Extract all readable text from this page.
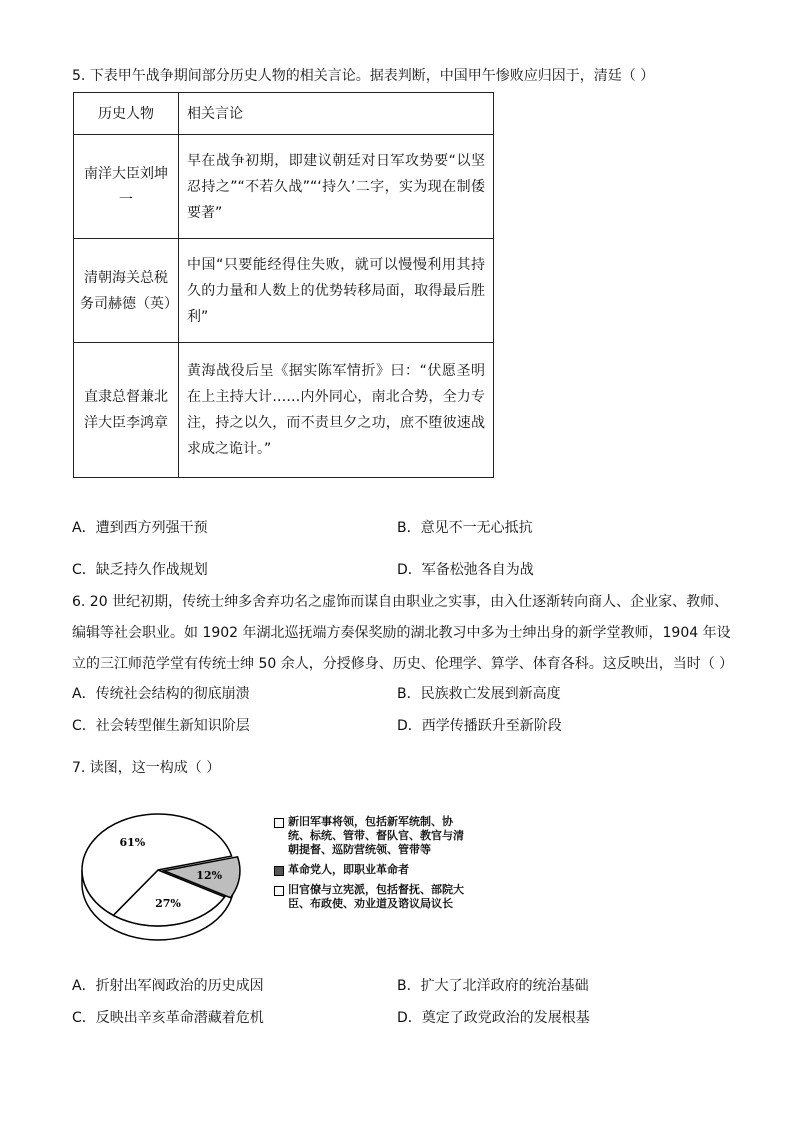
5. 下表甲午战争期间部分历史人物的相关言论。据表判断，中国甲午惨败应归因于，清廷（ ）
历史人物	相关言论
南洋大臣刘坤一	早在战争初期，即建议朝廷对日军攻势要“以坚忍持之”“不若久战”“‘持久’二字，实为现在制倭要著”
清朝海关总税务司赫德（英）	中国“只要能经得住失败，就可以慢慢利用其持久的力量和人数上的优势转移局面，取得最后胜利”
直隶总督兼北洋大臣李鸿章	黄海战役后呈《据实陈军情折》曰：“伏愿圣明在上主持大计……内外同心，南北合势，全力专注，持之以久，而不责旦夕之功，庶不堕彼速战求成之诡计。”
A．遭到西方列强干预	B．意见不一无心抵抗
C．缺乏持久作战规划	D．军备松弛各自为战
6. 20 世纪初期，传统士绅多舍弃功名之虚饰而谋自由职业之实事，由入仕逐渐转向商人、企业家、教师、编辑等社会职业。如 1902 年湖北巡抚端方奏保奖励的湖北教习中多为士绅出身的新学堂教师，1904 年设立的三江师范学堂有传统士绅 50 余人，分授修身、历史、伦理学、算学、体育各科。这反映出，当时（ ）
A．传统社会结构的彻底崩溃	B．民族救亡发展到新高度
C．社会转型催生新知识阶层	D．西学传播跃升至新阶段
7. 读图，这一构成（ ）
12%
27%
61%
新旧军事将领，包括新军统制、协统、标统、管带、督队官、教官与清朝提督、巡防营统领、管带等
革命党人，即职业革命者
旧官僚与立宪派，包括督抚、部院大臣、布政使、劝业道及谘议局议长
A．折射出军阀政治的历史成因	B．扩大了北洋政府的统治基础
C．反映出辛亥革命潜藏着危机	D．奠定了政党政治的发展根基
